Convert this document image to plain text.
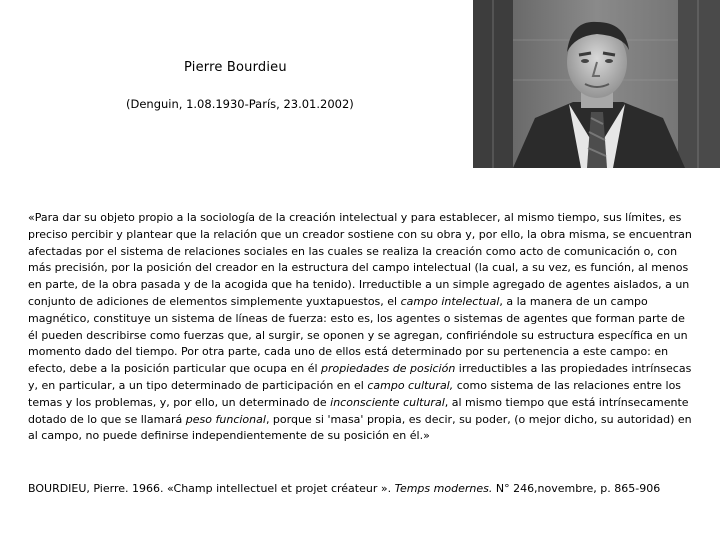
Pierre Bourdieu
(Denguin, 1.08.1930-París, 23.01.2002)

«Para dar su objeto propio a la sociología de la creación intelectual y para establecer, al mismo tiempo, sus límites, es preciso percibir y plantear que la relación que un creador sostiene con su obra y, por ello, la obra misma, se encuentran afectadas por el sistema de relaciones sociales en las cuales se realiza la creación como acto de comunicación o, con más precisión, por la posición del creador en la estructura del campo intelectual (la cual, a su vez, es función, al menos en parte, de la obra pasada y de la acogida que ha tenido). Irreductible a un simple agregado de agentes aislados, a un conjunto de adiciones de elementos simplemente yuxtapuestos, el campo intelectual, a la manera de un campo magnético, constituye un sistema de líneas de fuerza: esto es, los agentes o sistemas de agentes que forman parte de él pueden describirse como fuerzas que, al surgir, se oponen y se agregan, confiriéndole su estructura específica en un momento dado del tiempo. Por otra parte, cada uno de ellos está determinado por su pertenencia a este campo: en efecto, debe a la posición particular que ocupa en él propiedades de posición irreductibles a las propiedades intrínsecas y, en particular, a un tipo determinado de participación en el campo cultural, como sistema de las relaciones entre los temas y los problemas, y, por ello, un determinado de inconsciente cultural, al mismo tiempo que está intrínsecamente dotado de lo que se llamará peso funcional, porque si 'masa' propia, es decir, su poder, (o mejor dicho, su autoridad) en al campo, no puede definirse independientemente de su posición en él.»

BOURDIEU, Pierre. 1966. «Champ intellectuel et projet créateur ». Temps modernes. N° 246,novembre, p. 865-906
